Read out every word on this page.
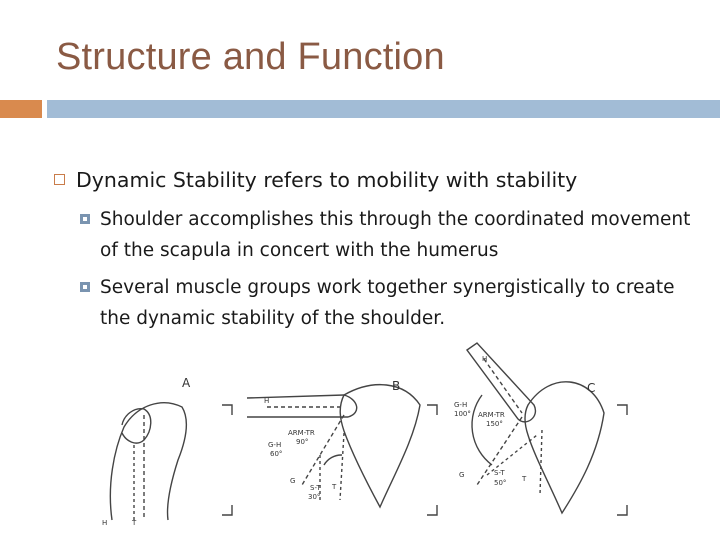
Structure and Function
Dynamic Stability refers to mobility with stability
Shoulder accomplishes this through the coordinated movement of the scapula in concert with the humerus
Several muscle groups work together synergistically to create the dynamic stability of the shoulder.
A
H	T
B
H
G-H
60°
ARM-TR
90°
G
S-T
30°
T
C
H
G-H
100° ARM-TR
150°
G	S-T
50° T
